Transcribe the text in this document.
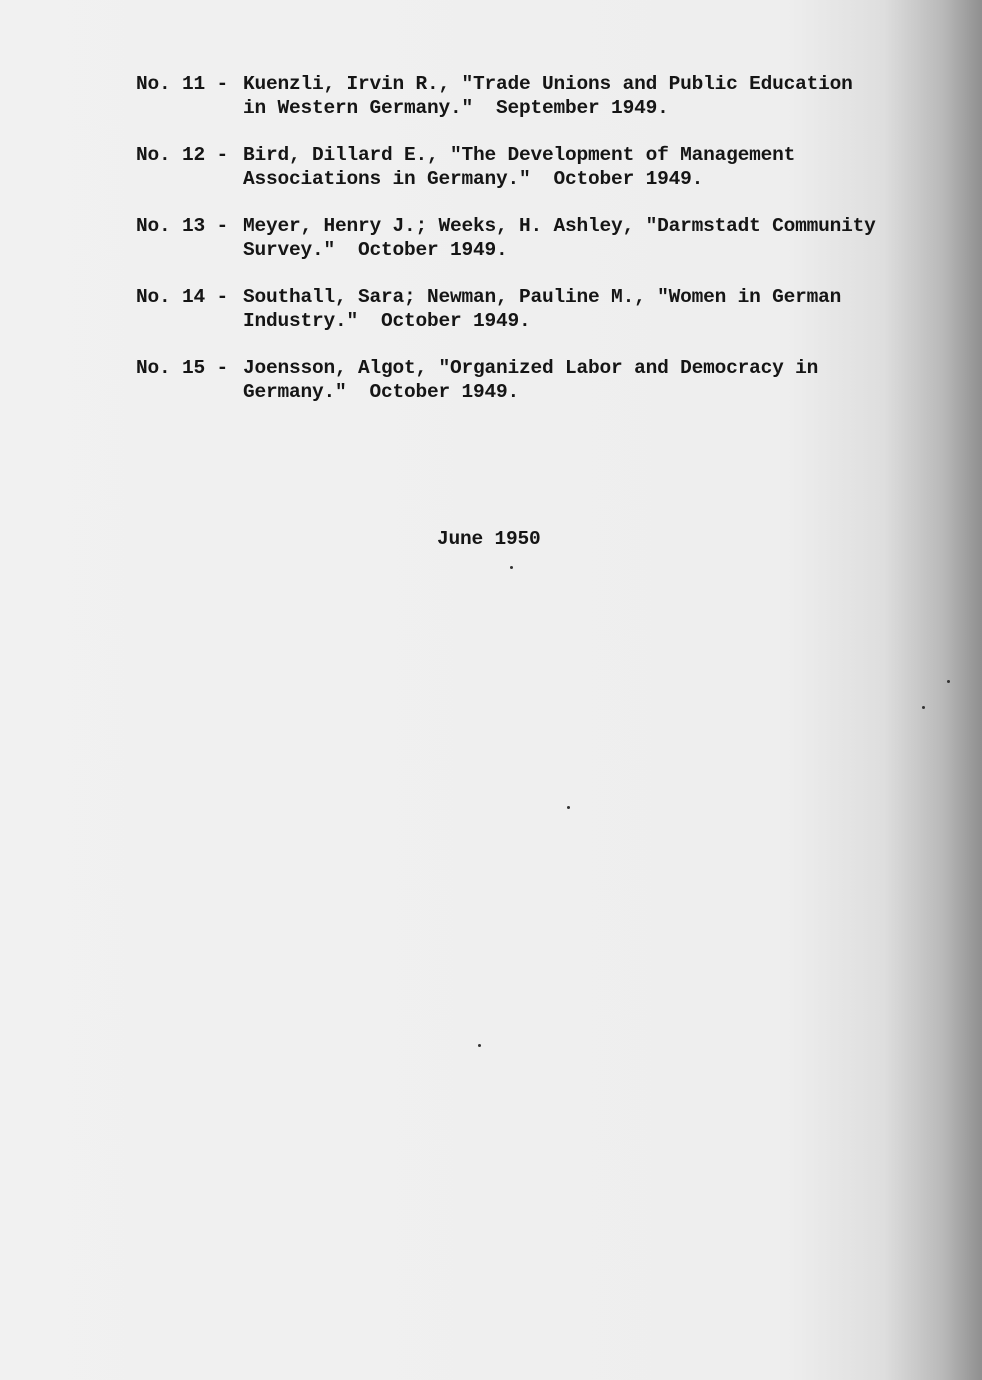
No. 11 - Kuenzli, Irvin R., "Trade Unions and Public Education
in Western Germany."  September 1949.
No. 12 - Bird, Dillard E., "The Development of Management
Associations in Germany."  October 1949.
No. 13 - Meyer, Henry J.; Weeks, H. Ashley, "Darmstadt Community
Survey."  October 1949.
No. 14 - Southall, Sara; Newman, Pauline M., "Women in German
Industry."  October 1949.
No. 15 - Joensson, Algot, "Organized Labor and Democracy in
Germany."  October 1949.
June 1950
